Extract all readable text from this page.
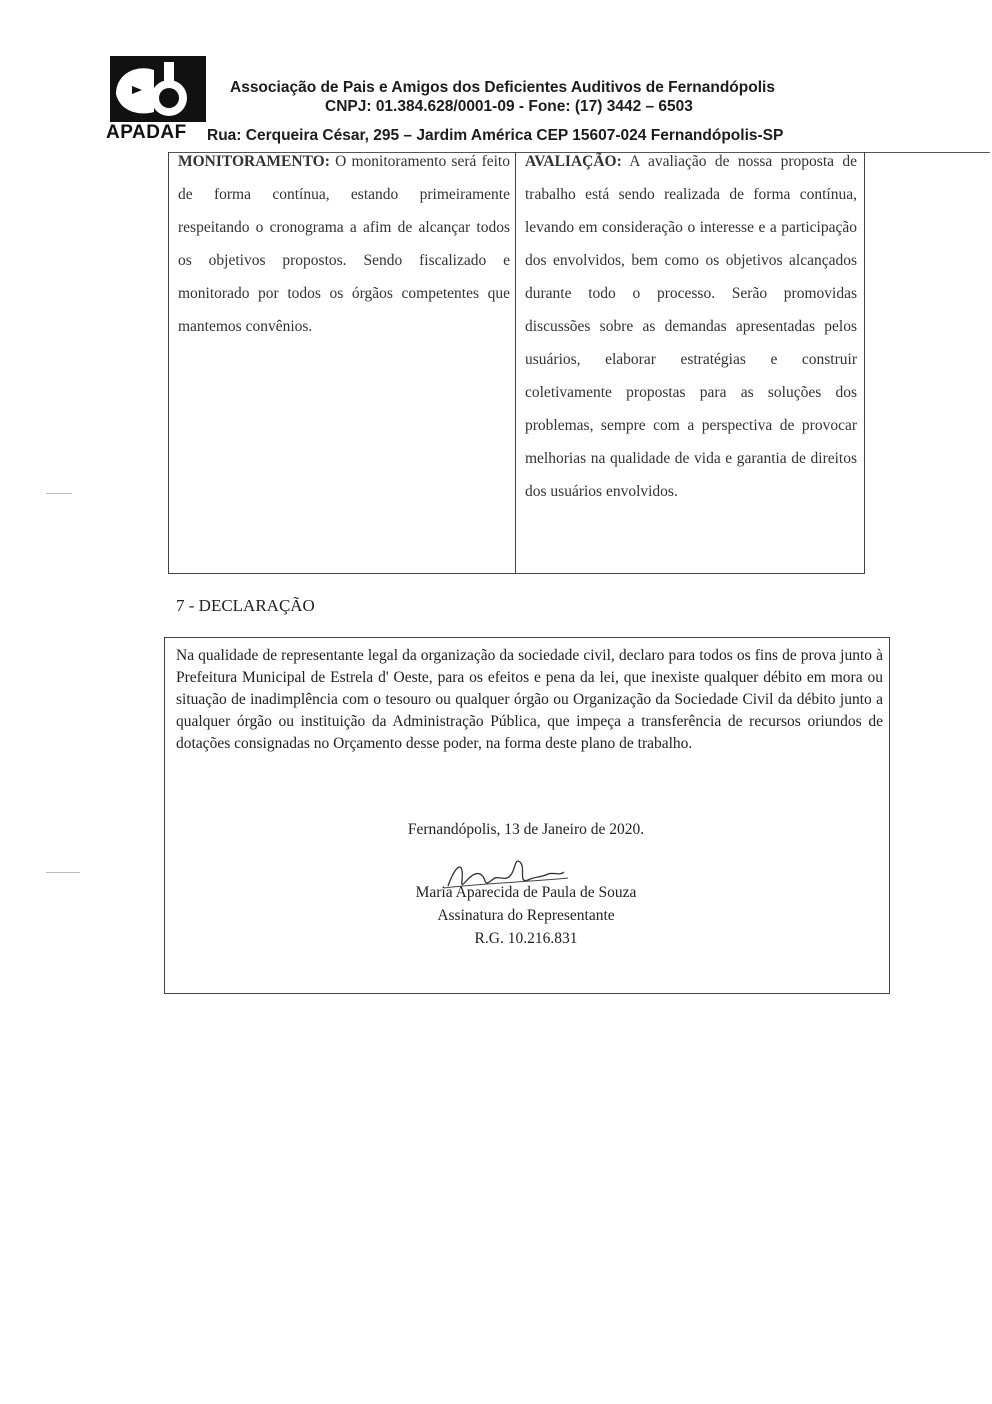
APADAF
Associação de Pais e Amigos dos Deficientes Auditivos de Fernandópolis
CNPJ: 01.384.628/0001-09 - Fone: (17) 3442 – 6503
Rua: Cerqueira César, 295 – Jardim América CEP 15607-024 Fernandópolis-SP
MONITORAMENTO: O monitoramento será feito de forma contínua, estando primeiramente respeitando o cronograma a afim de alcançar todos os objetivos propostos. Sendo fiscalizado e monitorado por todos os órgãos competentes que mantemos convênios.
AVALIAÇÃO: A avaliação de nossa proposta de trabalho está sendo realizada de forma contínua, levando em consideração o interesse e a participação dos envolvidos, bem como os objetivos alcançados durante todo o processo. Serão promovidas discussões sobre as demandas apresentadas pelos usuários, elaborar estratégias e construir coletivamente propostas para as soluções dos problemas, sempre com a perspectiva de provocar melhorias na qualidade de vida e garantia de direitos dos usuários envolvidos.
7 - DECLARAÇÃO
Na qualidade de representante legal da organização da sociedade civil, declaro para todos os fins de prova junto à Prefeitura Municipal de Estrela d' Oeste, para os efeitos e pena da lei, que inexiste qualquer débito em mora ou situação de inadimplência com o tesouro ou qualquer órgão ou Organização da Sociedade Civil da débito junto a qualquer órgão ou instituição da Administração Pública, que impeça a transferência de recursos oriundos de dotações consignadas no Orçamento desse poder, na forma deste plano de trabalho.
Fernandópolis, 13 de Janeiro de 2020.
Maria Aparecida de Paula de Souza
Assinatura do Representante
R.G. 10.216.831
